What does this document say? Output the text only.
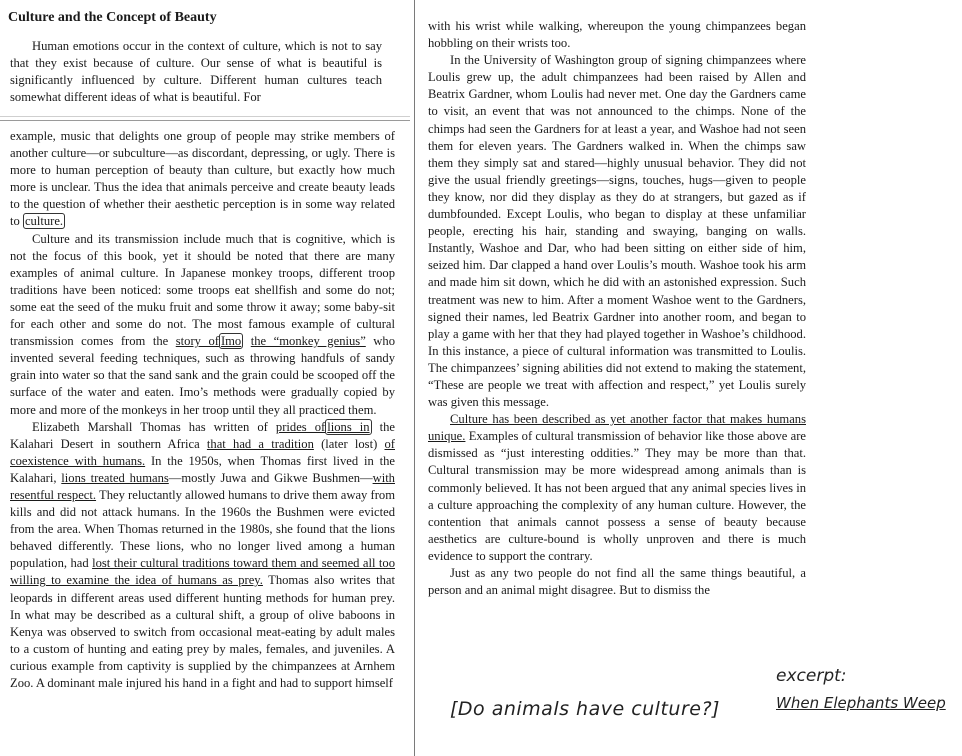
Culture and the Concept of Beauty

Human emotions occur in the context of culture, which is not to say that they exist because of culture. Our sense of what is beautiful is significantly influenced by culture. Different human cultures teach somewhat different ideas of what is beautiful. For

example, music that delights one group of people may strike members of another culture—or subculture—as discordant, depressing, or ugly. There is more to human perception of beauty than culture, but exactly how much more is unclear. Thus the idea that animals perceive and create beauty leads to the question of whether their aesthetic perception is in some way related to culture.

Culture and its transmission include much that is cognitive, which is not the focus of this book, yet it should be noted that there are many examples of animal culture. In Japanese monkey troops, different troop traditions have been noticed: some troops eat shellfish and some do not; some eat the seed of the muku fruit and some throw it away; some baby-sit for each other and some do not. The most famous example of cultural transmission comes from the story of Imo the “monkey genius” who invented several feeding techniques, such as throwing handfuls of sandy grain into water so that the sand sank and the grain could be scooped off the surface of the water and eaten. Imo’s methods were gradually copied by more and more of the monkeys in her troop until they all practiced them.

Elizabeth Marshall Thomas has written of prides of lions in the Kalahari Desert in southern Africa that had a tradition (later lost) of coexistence with humans. In the 1950s, when Thomas first lived in the Kalahari, lions treated humans—mostly Juwa and Gikwe Bushmen—with resentful respect. They reluctantly allowed humans to drive them away from kills and did not attack humans. In the 1960s the Bushmen were evicted from the area. When Thomas returned in the 1980s, she found that the lions behaved differently. These lions, who no longer lived among a human population, had lost their cultural traditions toward them and seemed all too willing to examine the idea of humans as prey. Thomas also writes that leopards in different areas used different hunting methods for human prey. In what may be described as a cultural shift, a group of olive baboons in Kenya was observed to switch from occasional meat-eating by adult males to a custom of hunting and eating prey by males, females, and juveniles. A curious example from captivity is supplied by the chimpanzees at Arnhem Zoo. A dominant male injured his hand in a fight and had to support himself

with his wrist while walking, whereupon the young chimpanzees began hobbling on their wrists too.

In the University of Washington group of signing chimpanzees where Loulis grew up, the adult chimpanzees had been raised by Allen and Beatrix Gardner, whom Loulis had never met. One day the Gardners came to visit, an event that was not announced to the chimps. None of the chimps had seen the Gardners for at least a year, and Washoe had not seen them for eleven years. The Gardners walked in. When the chimps saw them they simply sat and stared—highly unusual behavior. They did not give the usual friendly greetings—signs, touches, hugs—given to people they know, nor did they display as they do at strangers, but gazed as if dumbfounded. Except Loulis, who began to display at these unfamiliar people, erecting his hair, standing and swaying, banging on walls. Instantly, Washoe and Dar, who had been sitting on either side of him, seized him. Dar clapped a hand over Loulis’s mouth. Washoe took his arm and made him sit down, which he did with an astonished expression. Such treatment was new to him. After a moment Washoe went to the Gardners, signed their names, led Beatrix Gardner into another room, and began to play a game with her that they had played together in Washoe’s childhood. In this instance, a piece of cultural information was transmitted to Loulis. The chimpanzees’ signing abilities did not extend to making the statement, “These are people we treat with affection and respect,” yet Loulis surely was given this message.

Culture has been described as yet another factor that makes humans unique. Examples of cultural transmission of behavior like those above are dismissed as “just interesting oddities.” They may be more than that. Cultural transmission may be more widespread among animals than is commonly believed. It has not been argued that any animal species lives in a culture approaching the complexity of any human culture. However, the contention that animals cannot possess a sense of beauty because aesthetics are culture-bound is wholly unproven and there is much evidence to support the contrary.

Just as any two people do not find all the same things beautiful, a person and an animal might disagree. But to dismiss the

[Do animals have culture?]
excerpt:
When Elephants Weep
